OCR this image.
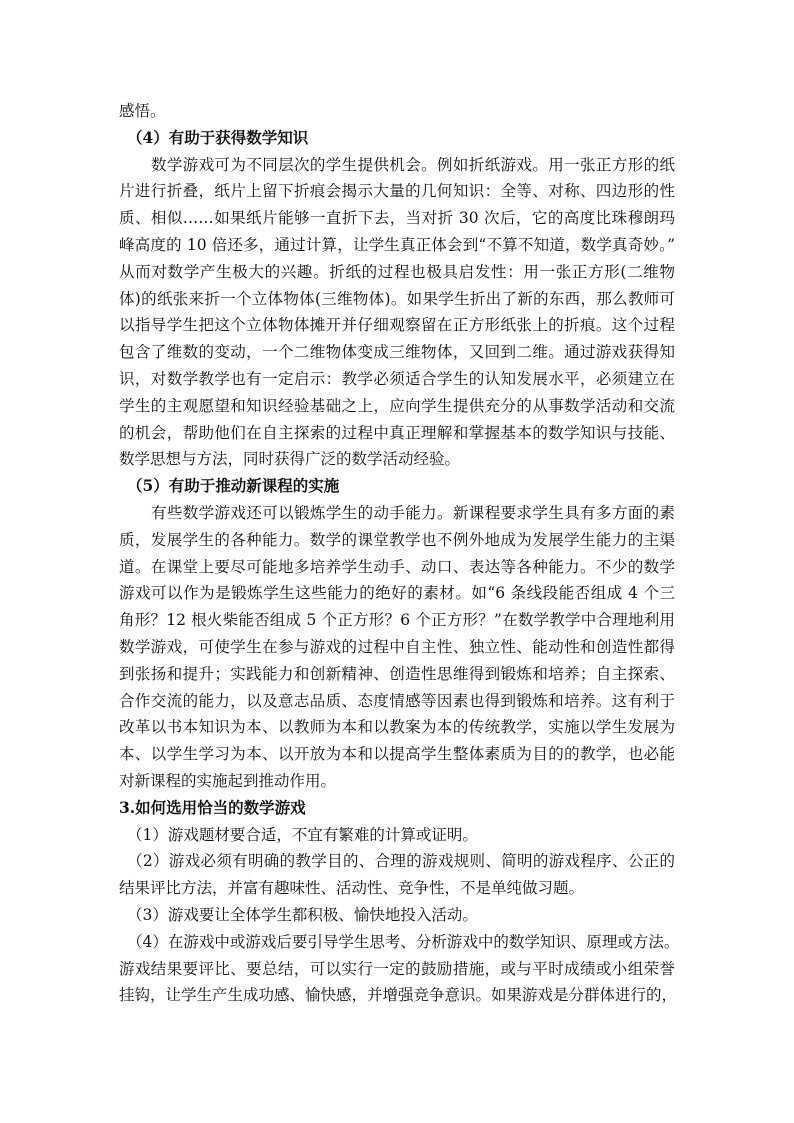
感悟。
（4）有助于获得数学知识
数学游戏可为不同层次的学生提供机会。例如折纸游戏。用一张正方形的纸
片进行折叠，纸片上留下折痕会揭示大量的几何知识：全等、对称、四边形的性
质、相似……如果纸片能够一直折下去，当对折 30 次后，它的高度比珠穆朗玛
峰高度的 10 倍还多，通过计算，让学生真正体会到“不算不知道，数学真奇妙。”
从而对数学产生极大的兴趣。折纸的过程也极具启发性：用一张正方形(二维物
体)的纸张来折一个立体物体(三维物体)。如果学生折出了新的东西，那么教师可
以指导学生把这个立体物体摊开并仔细观察留在正方形纸张上的折痕。这个过程
包含了维数的变动，一个二维物体变成三维物体，又回到二维。通过游戏获得知
识，对数学教学也有一定启示：教学必须适合学生的认知发展水平，必须建立在
学生的主观愿望和知识经验基础之上，应向学生提供充分的从事数学活动和交流
的机会，帮助他们在自主探索的过程中真正理解和掌握基本的数学知识与技能、
数学思想与方法，同时获得广泛的数学活动经验。
（5）有助于推动新课程的实施
有些数学游戏还可以锻炼学生的动手能力。新课程要求学生具有多方面的素
质，发展学生的各种能力。数学的课堂教学也不例外地成为发展学生能力的主渠
道。在课堂上要尽可能地多培养学生动手、动口、表达等各种能力。不少的数学
游戏可以作为是锻炼学生这些能力的绝好的素材。如“6 条线段能否组成 4 个三
角形？12 根火柴能否组成 5 个正方形？6 个正方形？”在数学教学中合理地利用
数学游戏，可使学生在参与游戏的过程中自主性、独立性、能动性和创造性都得
到张扬和提升；实践能力和创新精神、创造性思维得到锻炼和培养；自主探索、
合作交流的能力，以及意志品质、态度情感等因素也得到锻炼和培养。这有利于
改革以书本知识为本、以教师为本和以教案为本的传统教学，实施以学生发展为
本、以学生学习为本、以开放为本和以提高学生整体素质为目的的教学，也必能
对新课程的实施起到推动作用。
3.如何选用恰当的数学游戏
（1）游戏题材要合适，不宜有繁难的计算或证明。
（2）游戏必须有明确的教学目的、合理的游戏规则、简明的游戏程序、公正的
结果评比方法，并富有趣味性、活动性、竞争性，不是单纯做习题。
（3）游戏要让全体学生都积极、愉快地投入活动。
（4）在游戏中或游戏后要引导学生思考、分析游戏中的数学知识、原理或方法。
游戏结果要评比、要总结，可以实行一定的鼓励措施，或与平时成绩或小组荣誉
挂钩，让学生产生成功感、愉快感，并增强竞争意识。如果游戏是分群体进行的，
